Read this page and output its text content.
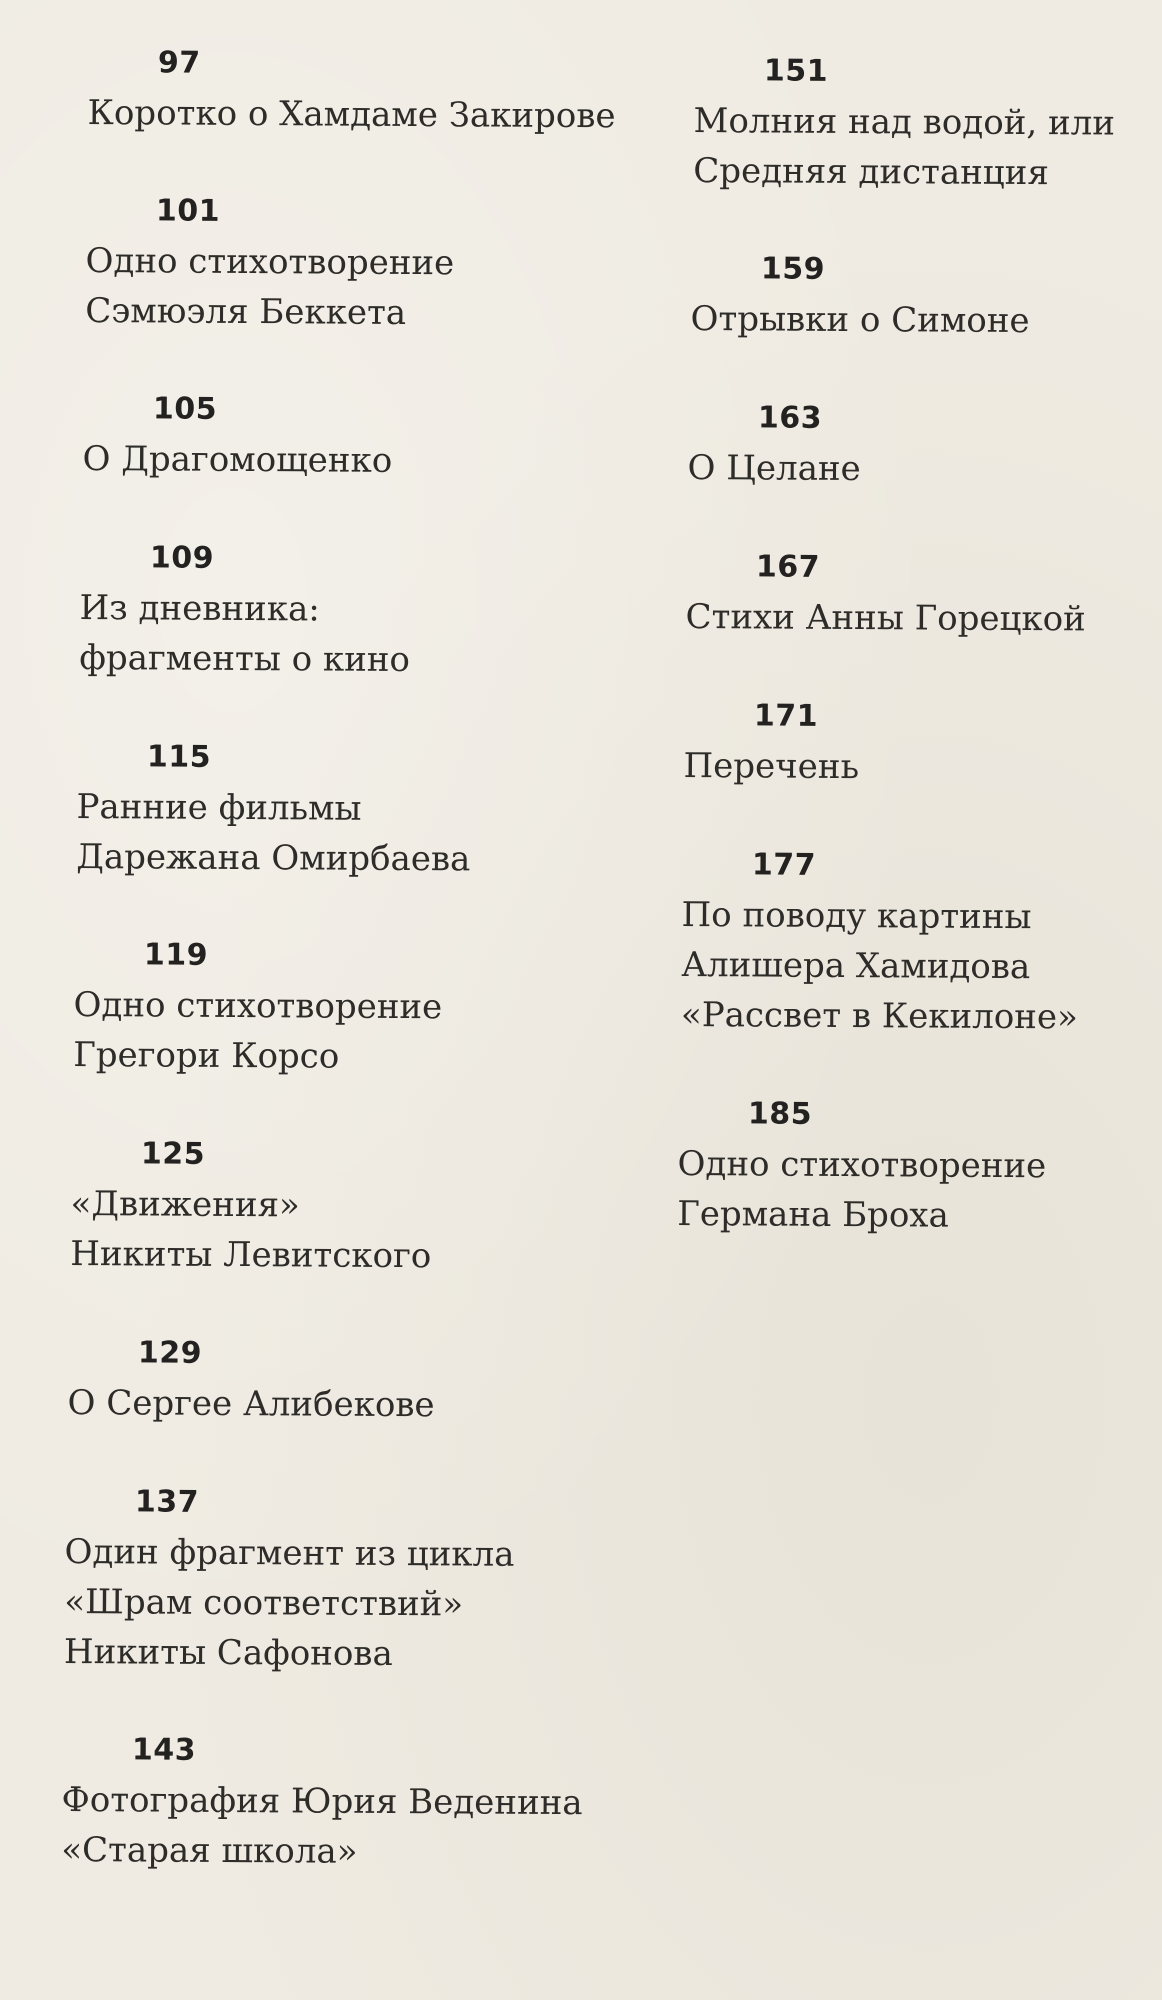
97
Коротко о Хамдаме Закирове
101
Одно стихотворение
Сэмюэля Беккета
105
О Драгомощенко
109
Из дневника:
фрагменты о кино
115
Ранние фильмы
Дарежана Омирбаева
119
Одно стихотворение
Грегори Корсо
125
«Движения»
Никиты Левитского
129
О Сергее Алибекове
137
Один фрагмент из цикла
«Шрам соответствий»
Никиты Сафонова
143
Фотография Юрия Веденина
«Старая школа»
151
Молния над водой, или
Средняя дистанция
159
Отрывки о Симоне
163
О Целане
167
Стихи Анны Горецкой
171
Перечень
177
По поводу картины
Алишера Хамидова
«Рассвет в Кекилоне»
185
Одно стихотворение
Германа Броха
